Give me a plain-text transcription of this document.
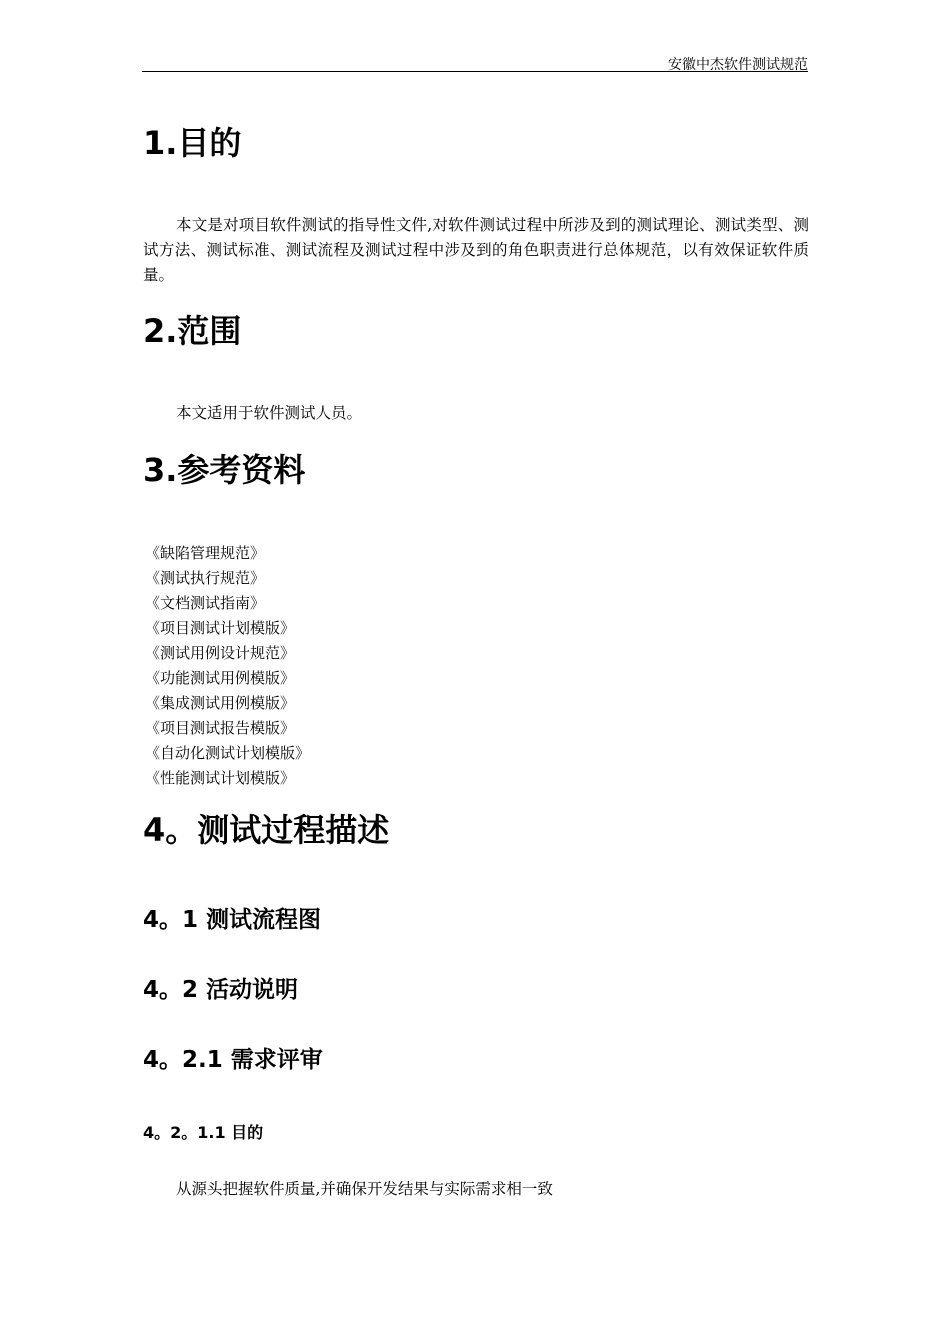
安徽中杰软件测试规范
1.目的
本文是对项目软件测试的指导性文件,对软件测试过程中所涉及到的测试理论、测试类型、测试方法、测试标准、测试流程及测试过程中涉及到的角色职责进行总体规范，以有效保证软件质量。
2.范围
本文适用于软件测试人员。
3.参考资料
《缺陷管理规范》
《测试执行规范》
《文档测试指南》
《项目测试计划模版》
《测试用例设计规范》
《功能测试用例模版》
《集成测试用例模版》
《项目测试报告模版》
《自动化测试计划模版》
《性能测试计划模版》
4。测试过程描述
4。1 测试流程图
4。2 活动说明
4。2.1 需求评审
4。2。1.1 目的
从源头把握软件质量,并确保开发结果与实际需求相一致
